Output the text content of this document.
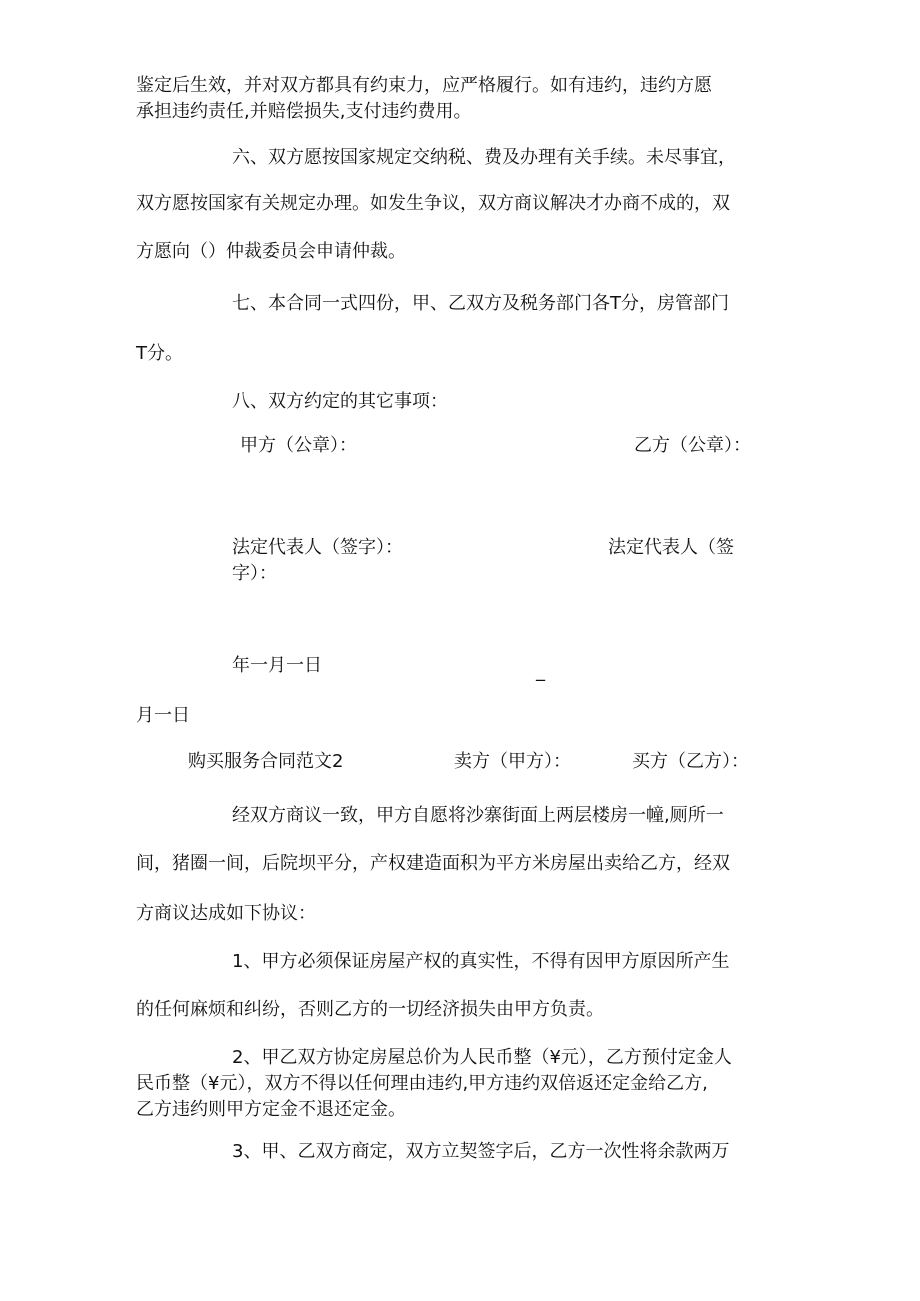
鉴定后生效，并对双方都具有约束力，应严格履行。如有违约，违约方愿
承担违约责任,并赔偿损失,支付违约费用。
六、双方愿按国家规定交纳税、费及办理有关手续。未尽事宜，
双方愿按国家有关规定办理。如发生争议，双方商议解决才办商不成的，双
方愿向（）仲裁委员会申请仲裁。
七、本合同一式四份，甲、乙双方及税务部门各T分，房管部门
T分。
八、双方约定的其它事项：
甲方（公章）：	乙方（公章）：
法定代表人（签字）：	法定代表人（签
字）：
年一月一日	_
月一日
购买服务合同范文2	卖方（甲方）：	买方（乙方）：
经双方商议一致，甲方自愿将沙寨街面上两层楼房一幢,厕所一
间，猪圈一间，后院坝平分，产权建造面积为平方米房屋出卖给乙方，经双
方商议达成如下协议：
1、甲方必须保证房屋产权的真实性，不得有因甲方原因所产生
的任何麻烦和纠纷，否则乙方的一切经济损失由甲方负责。
2、甲乙双方协定房屋总价为人民币整（¥元），乙方预付定金人
民币整（¥元），双方不得以任何理由违约,甲方违约双倍返还定金给乙方,
乙方违约则甲方定金不退还定金。
3、甲、乙双方商定，双方立契签字后，乙方一次性将余款两万
